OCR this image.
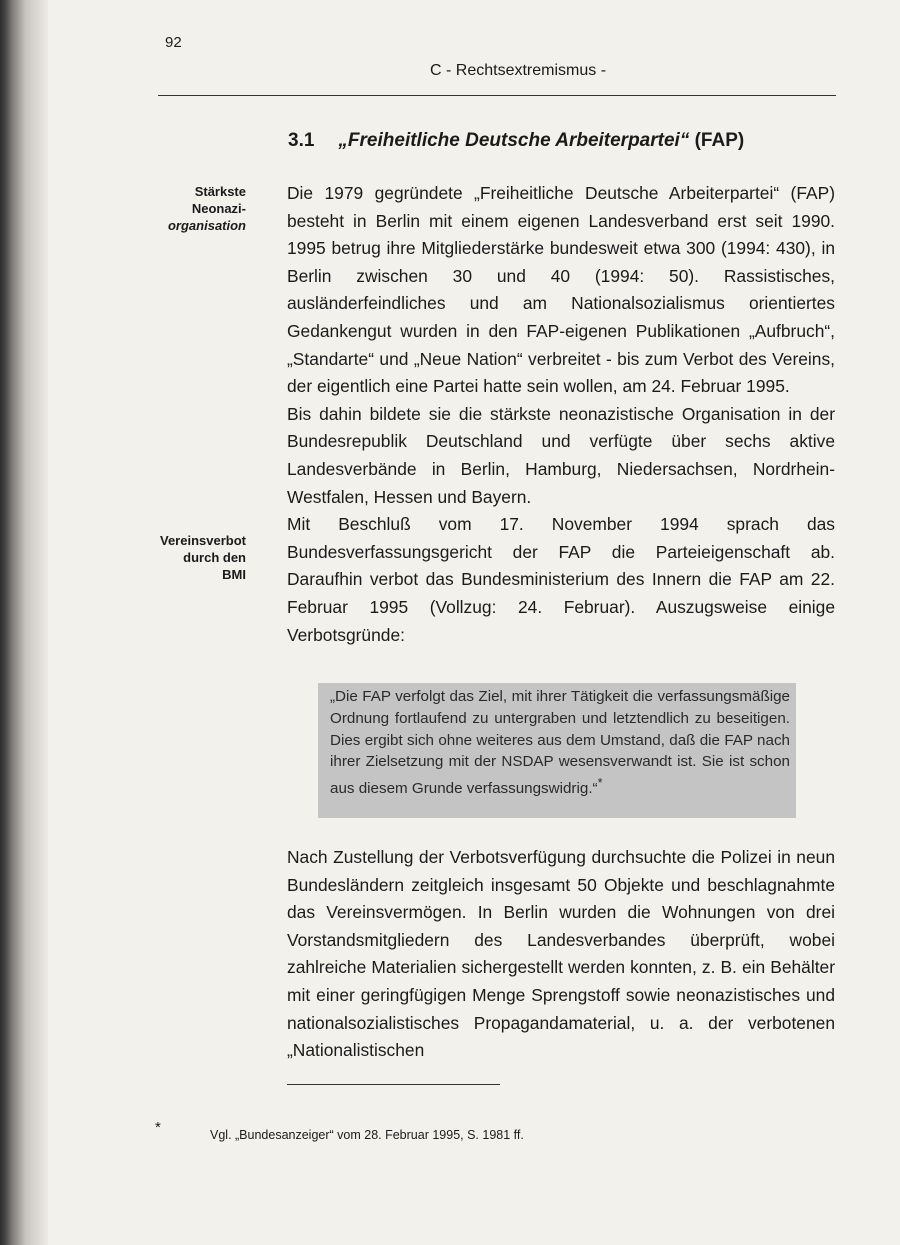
92
C - Rechtsextremismus -
3.1 „Freiheitliche Deutsche Arbeiterpartei“ (FAP)
Stärkste
Neonazi-
organisation
Vereinsverbot
durch den
BMI

Die 1979 gegründete „Freiheitliche Deutsche Arbeiterpartei“ (FAP) besteht in Berlin mit einem eigenen Landesverband erst seit 1990. 1995 betrug ihre Mitgliederstärke bundesweit etwa 300 (1994: 430), in Berlin zwischen 30 und 40 (1994: 50). Rassistisches, ausländerfeindliches und am Nationalsozialismus orientiertes Gedankengut wurden in den FAP-eigenen Publikationen „Aufbruch“, „Standarte“ und „Neue Nation“ verbreitet - bis zum Verbot des Vereins, der eigentlich eine Partei hatte sein wollen, am 24. Februar 1995.

Bis dahin bildete sie die stärkste neonazistische Organisation in der Bundesrepublik Deutschland und verfügte über sechs aktive Landesverbände in Berlin, Hamburg, Niedersachsen, Nordrhein-Westfalen, Hessen und Bayern.

Mit Beschluß vom 17. November 1994 sprach das Bundesverfassungsgericht der FAP die Parteieigenschaft ab. Daraufhin verbot das Bundesministerium des Innern die FAP am 22. Februar 1995 (Vollzug: 24. Februar). Auszugsweise einige Verbotsgründe:

„Die FAP verfolgt das Ziel, mit ihrer Tätigkeit die verfassungsmäßige Ordnung fortlaufend zu untergraben und letztendlich zu beseitigen. Dies ergibt sich ohne weiteres aus dem Umstand, daß die FAP nach ihrer Zielsetzung mit der NSDAP wesensverwandt ist. Sie ist schon aus diesem Grunde verfassungswidrig.“*

Nach Zustellung der Verbotsverfügung durchsuchte die Polizei in neun Bundesländern zeitgleich insgesamt 50 Objekte und beschlagnahmte das Vereinsvermögen. In Berlin wurden die Wohnungen von drei Vorstandsmitgliedern des Landesverbandes überprüft, wobei zahlreiche Materialien sichergestellt werden konnten, z. B. ein Behälter mit einer geringfügigen Menge Sprengstoff sowie neonazistisches und nationalsozialistisches Propagandamaterial, u. a. der verbotenen „Nationalistischen

*	Vgl. „Bundesanzeiger“ vom 28. Februar 1995, S. 1981 ff.
